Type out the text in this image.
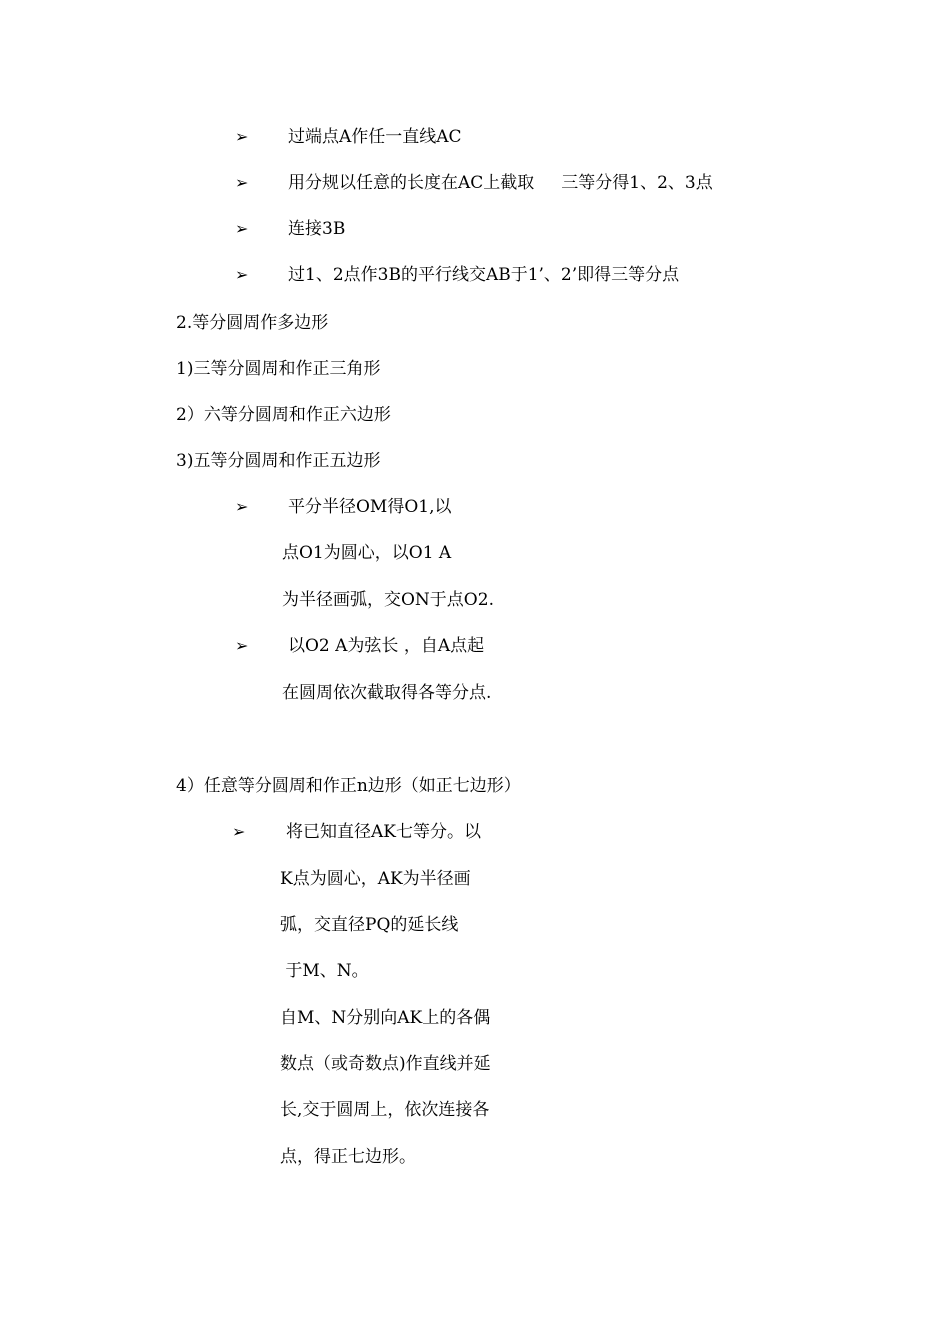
➢ 过端点A作任一直线AC
➢ 用分规以任意的长度在AC上截取     三等分得1、2、3点
➢ 连接3B
➢ 过1、2点作3B的平行线交AB于1’、2’即得三等分点
2.等分圆周作多边形
1)三等分圆周和作正三角形
2）六等分圆周和作正六边形
3)五等分圆周和作正五边形
➢ 平分半径OM得O1,以
点O1为圆心，以O1 A
为半径画弧，交ON于点O2.
➢ 以O2 A为弦长 ，自A点起
在圆周依次截取得各等分点.
4）任意等分圆周和作正n边形（如正七边形）
➢ 将已知直径AK七等分。以
K点为圆心，AK为半径画
弧，交直径PQ的延长线
于M、N。
自M、N分别向AK上的各偶
数点（或奇数点)作直线并延
长,交于圆周上，依次连接各
点，得正七边形。
